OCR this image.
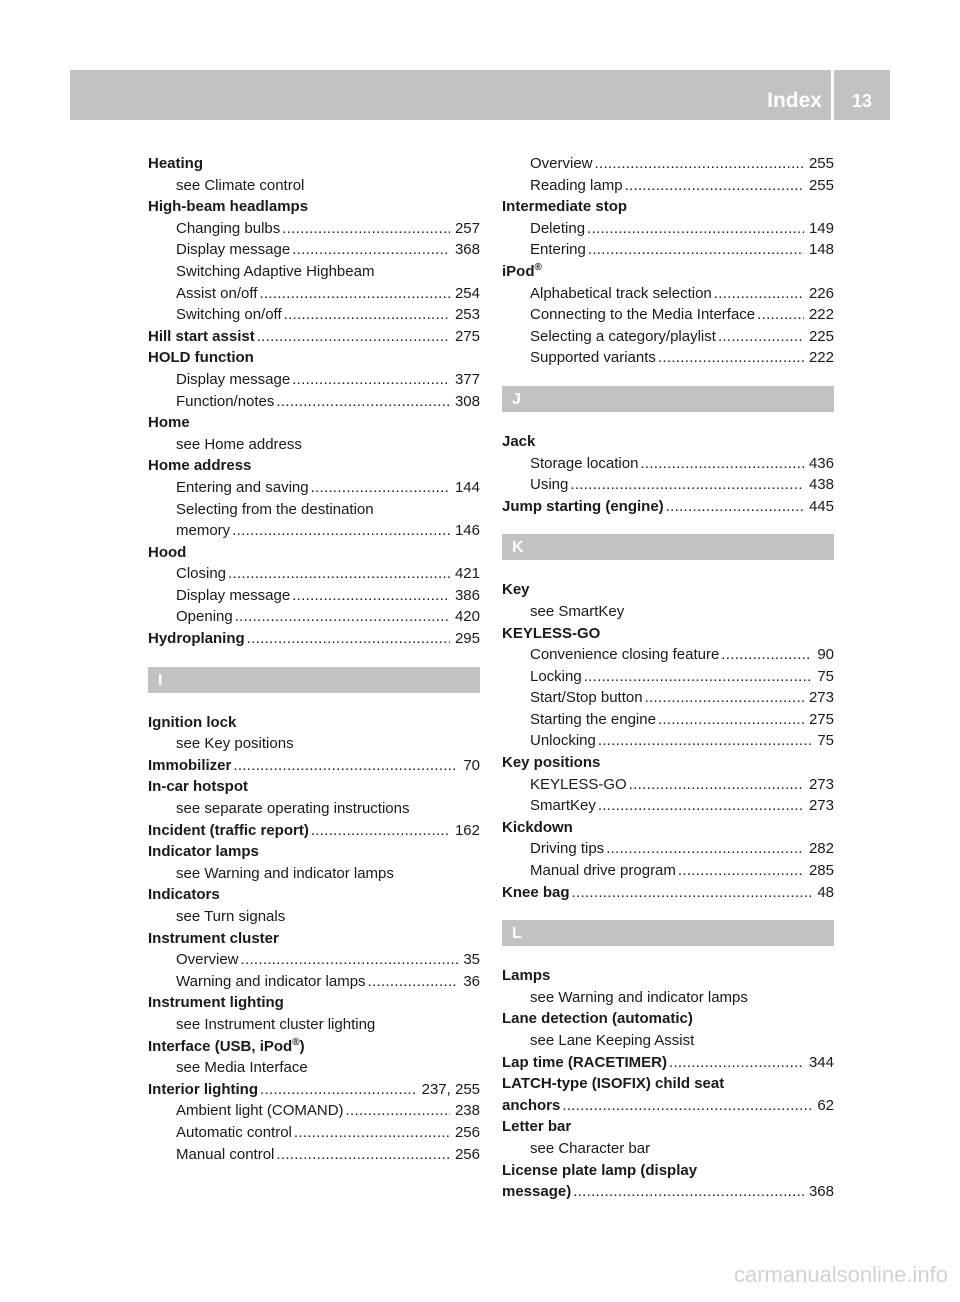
Index	13
Heating
see Climate control
High-beam headlamps
Changing bulbs .....	257
Display message .....	368
Switching Adaptive Highbeam
Assist on/off .....	254
Switching on/off .....	253
Hill start assist .....	275
HOLD function
Display message .....	377
Function/notes .....	308
Home
see Home address
Home address
Entering and saving .....	144
Selecting from the destination
memory .....	146
Hood
Closing .....	421
Display message .....	386
Opening .....	420
Hydroplaning .....	295
I
Ignition lock
see Key positions
Immobilizer .....	70
In-car hotspot
see separate operating instructions
Incident (traffic report) .....	162
Indicator lamps
see Warning and indicator lamps
Indicators
see Turn signals
Instrument cluster
Overview .....	35
Warning and indicator lamps .....	36
Instrument lighting
see Instrument cluster lighting
Interface (USB, iPod®)
see Media Interface
Interior lighting .....	237, 255
Ambient light (COMAND) .....	238
Automatic control .....	256
Manual control .....	256
Overview .....	255
Reading lamp .....	255
Intermediate stop
Deleting .....	149
Entering .....	148
iPod®
Alphabetical track selection .....	226
Connecting to the Media Interface .....	222
Selecting a category/playlist .....	225
Supported variants .....	222
J
Jack
Storage location .....	436
Using .....	438
Jump starting (engine) .....	445
K
Key
see SmartKey
KEYLESS-GO
Convenience closing feature .....	90
Locking .....	75
Start/Stop button .....	273
Starting the engine .....	275
Unlocking .....	75
Key positions
KEYLESS-GO .....	273
SmartKey .....	273
Kickdown
Driving tips .....	282
Manual drive program .....	285
Knee bag .....	48
L
Lamps
see Warning and indicator lamps
Lane detection (automatic)
see Lane Keeping Assist
Lap time (RACETIMER) .....	344
LATCH-type (ISOFIX) child seat
anchors .....	62
Letter bar
see Character bar
License plate lamp (display
message) .....	368
carmanualsonline.info
